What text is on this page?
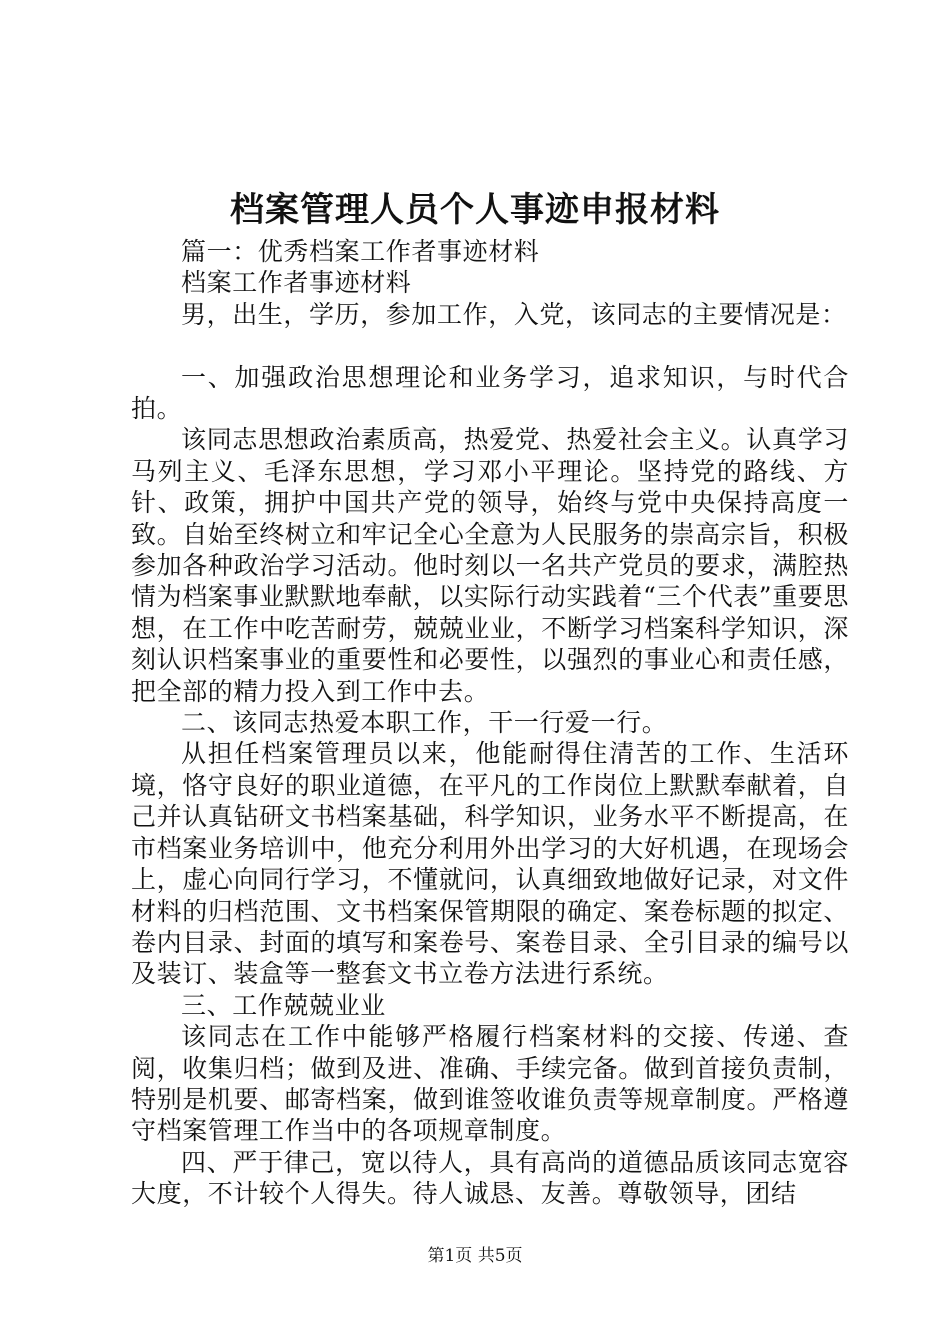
档案管理人员个人事迹申报材料

篇一：优秀档案工作者事迹材料

档案工作者事迹材料

男，出生，学历，参加工作，入党，该同志的主要情况是：

一、加强政治思想理论和业务学习，追求知识，与时代合拍。

该同志思想政治素质高，热爱党、热爱社会主义。认真学习马列主义、毛泽东思想，学习邓小平理论。坚持党的路线、方针、政策，拥护中国共产党的领导，始终与党中央保持高度一致。自始至终树立和牢记全心全意为人民服务的崇高宗旨，积极参加各种政治学习活动。他时刻以一名共产党员的要求，满腔热情为档案事业默默地奉献，以实际行动实践着“三个代表”重要思想，在工作中吃苦耐劳，兢兢业业，不断学习档案科学知识，深刻认识档案事业的重要性和必要性，以强烈的事业心和责任感，把全部的精力投入到工作中去。

二、该同志热爱本职工作，干一行爱一行。

从担任档案管理员以来，他能耐得住清苦的工作、生活环境，恪守良好的职业道德，在平凡的工作岗位上默默奉献着，自己并认真钻研文书档案基础，科学知识，业务水平不断提高，在市档案业务培训中，他充分利用外出学习的大好机遇，在现场会上，虚心向同行学习，不懂就问，认真细致地做好记录，对文件材料的归档范围、文书档案保管期限的确定、案卷标题的拟定、卷内目录、封面的填写和案卷号、案卷目录、全引目录的编号以及装订、装盒等一整套文书立卷方法进行系统。

三、工作兢兢业业

该同志在工作中能够严格履行档案材料的交接、传递、查阅，收集归档；做到及进、准确、手续完备。做到首接负责制，特别是机要、邮寄档案，做到谁签收谁负责等规章制度。严格遵守档案管理工作当中的各项规章制度。

四、严于律己，宽以待人，具有高尚的道德品质该同志宽容大度，不计较个人得失。待人诚恳、友善。尊敬领导，团结

第1页 共5页
